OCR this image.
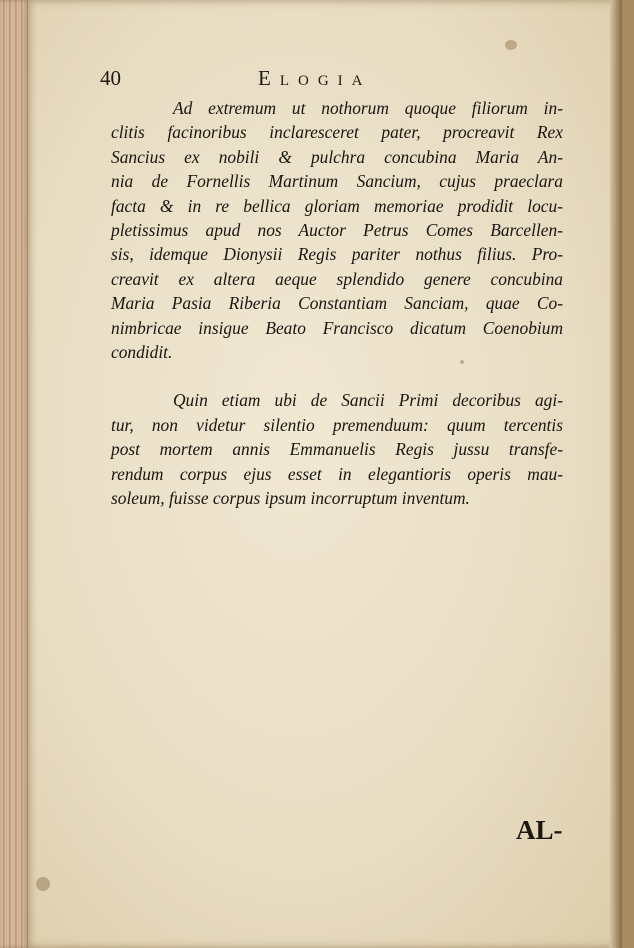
40	Elogia
Ad extremum ut nothorum quoque filiorum in-
clitis facinoribus inclaresceret pater, procreavit Rex
Sancius ex nobili & pulchra concubina Maria An-
nia de Fornellis Martinum Sancium, cujus praeclara
facta & in re bellica gloriam memoriae prodidit locu-
pletissimus apud nos Auctor Petrus Comes Barcellen-
sis, idemque Dionysii Regis pariter nothus filius. Pro-
creavit ex altera aeque splendido genere concubina
Maria Pasia Riberia Constantiam Sanciam, quae Co-
nimbricae insigue Beato Francisco dicatum Coenobium
condidit.
Quin etiam ubi de Sancii Primi decoribus agi-
tur, non videtur silentio premenduum: quum tercentis
post mortem annis Emmanuelis Regis jussu transfe-
rendum corpus ejus esset in elegantioris operis mau-
soleum, fuisse corpus ipsum incorruptum inventum.
AL-
